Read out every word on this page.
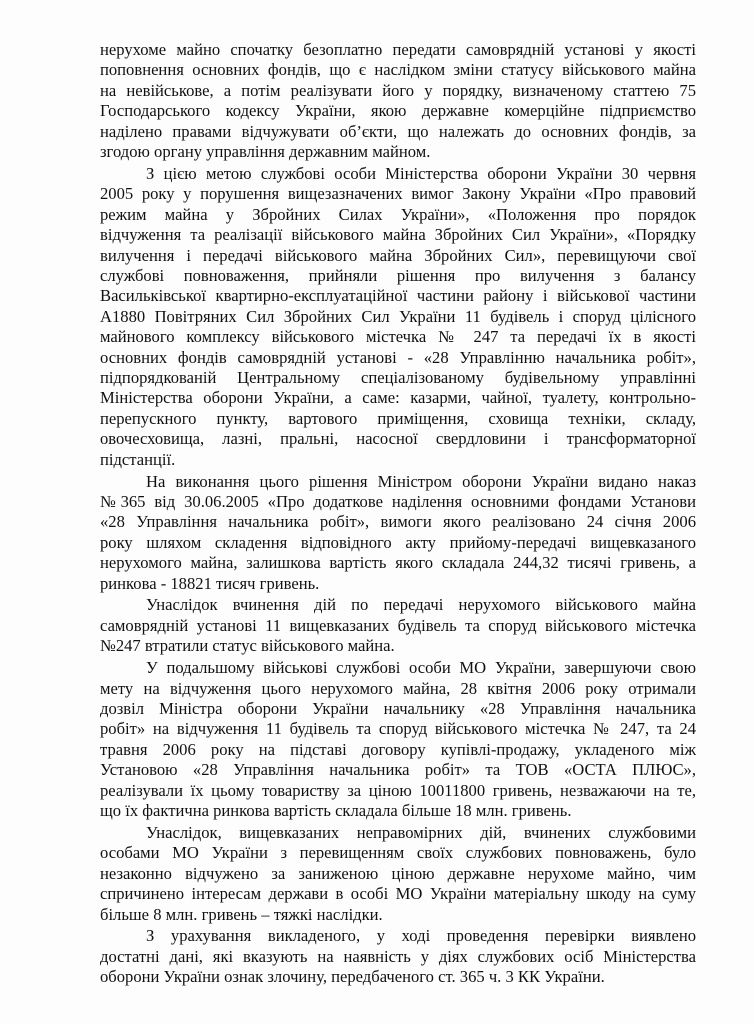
нерухоме майно спочатку безоплатно передати самоврядній установі у якості
поповнення основних фондів, що є наслідком зміни статусу військового майна
на невійськове, а потім реалізувати його у порядку, визначеному статтею 75
Господарського кодексу України, якою державне комерційне підприємство
наділено правами відчужувати об’єкти, що належать до основних фондів, за
згодою органу управління державним майном.
З цією метою службові особи Міністерства оборони України 30 червня
2005 року у порушення вищезазначених вимог Закону України «Про правовий
режим майна у Збройних Силах України», «Положення про порядок
відчуження та реалізації військового майна Збройних Сил України», «Порядку
вилучення і передачі військового майна Збройних Сил», перевищуючи свої
службові повноваження, прийняли рішення про вилучення з балансу
Васильківської квартирно-експлуатаційної частини району і військової частини
А1880 Повітряних Сил Збройних Сил України 11 будівель і споруд цілісного
майнового комплексу військового містечка № 247 та передачі їх в якості
основних фондів самоврядній установі - «28 Управлінню начальника робіт»,
підпорядкованій Центральному спеціалізованому будівельному управлінні
Міністерства оборони України, а саме: казарми, чайної, туалету, контрольно-
перепускного пункту, вартового приміщення, сховища техніки, складу,
овочесховища, лазні, пральні, насосної свердловини і трансформаторної
підстанції.
На виконання цього рішення Міністром оборони України видано наказ
№365 від 30.06.2005 «Про додаткове наділення основними фондами Установи
«28 Управління начальника робіт», вимоги якого реалізовано 24 січня 2006
року шляхом складення відповідного акту прийому-передачі вищевказаного
нерухомого майна, залишкова вартість якого складала 244,32 тисячі гривень, а
ринкова - 18821 тисяч гривень.
Унаслідок вчинення дій по передачі нерухомого військового майна
самоврядній установі 11 вищевказаних будівель та споруд військового містечка
№247 втратили статус військового майна.
У подальшому військові службові особи МО України, завершуючи свою
мету на відчуження цього нерухомого майна, 28 квітня 2006 року отримали
дозвіл Міністра оборони України начальнику «28 Управління начальника
робіт» на відчуження 11 будівель та споруд військового містечка № 247, та 24
травня 2006 року на підставі договору купівлі-продажу, укладеного між
Установою «28 Управління начальника робіт» та ТОВ «ОСТА ПЛЮС»,
реалізували їх цьому товариству за ціною 10011800 гривень, незважаючи на те,
що їх фактична ринкова вартість складала більше 18 млн. гривень.
Унаслідок, вищевказаних неправомірних дій, вчинених службовими
особами МО України з перевищенням своїх службових повноважень, було
незаконно відчужено за заниженою ціною державне нерухоме майно, чим
спричинено інтересам держави в особі МО України матеріальну шкоду на суму
більше 8 млн. гривень – тяжкі наслідки.
З урахування викладеного, у ході проведення перевірки виявлено
достатні дані, які вказують на наявність у діях службових осіб Міністерства
оборони України ознак злочину, передбаченого ст. 365 ч. 3 КК України.
